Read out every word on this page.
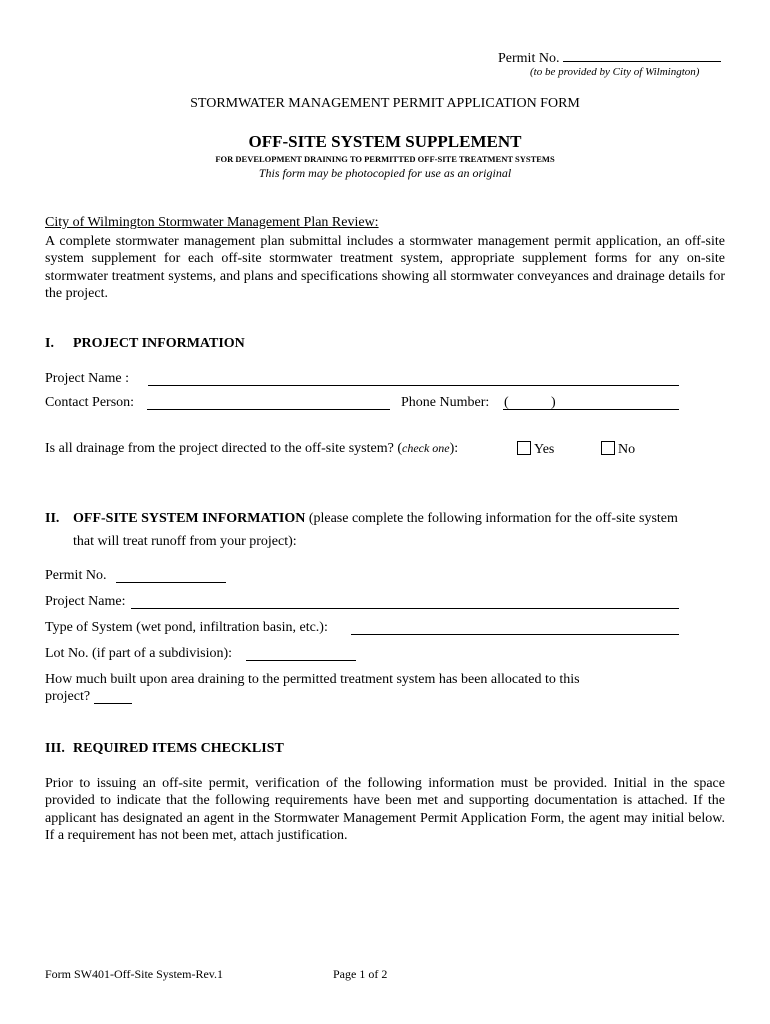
Permit No.
(to be provided by City of Wilmington)
STORMWATER MANAGEMENT PERMIT APPLICATION FORM
OFF-SITE SYSTEM SUPPLEMENT
FOR DEVELOPMENT DRAINING TO PERMITTED OFF-SITE TREATMENT SYSTEMS
This form may be photocopied for use as an original
City of Wilmington Stormwater Management Plan Review:
A complete stormwater management plan submittal includes a stormwater management permit application, an off-site system supplement for each off-site stormwater treatment system, appropriate supplement forms for any on-site stormwater treatment systems, and plans and specifications showing all stormwater conveyances and drainage details for the project.
I. PROJECT INFORMATION
Project Name :
Contact Person:	Phone Number: (	)
Is all drainage from the project directed to the off-site system? (check one):	Yes	No
II. OFF-SITE SYSTEM INFORMATION (please complete the following information for the off-site system
that will treat runoff from your project):
Permit No.
Project Name:
Type of System (wet pond, infiltration basin, etc.):
Lot No. (if part of a subdivision):
How much built upon area draining to the permitted treatment system has been allocated to this
project?
III. REQUIRED ITEMS CHECKLIST
Prior to issuing an off-site permit, verification of the following information must be provided. Initial in the space provided to indicate that the following requirements have been met and supporting documentation is attached. If the applicant has designated an agent in the Stormwater Management Permit Application Form, the agent may initial below. If a requirement has not been met, attach justification.
Form SW401-Off-Site System-Rev.1	Page 1 of 2
